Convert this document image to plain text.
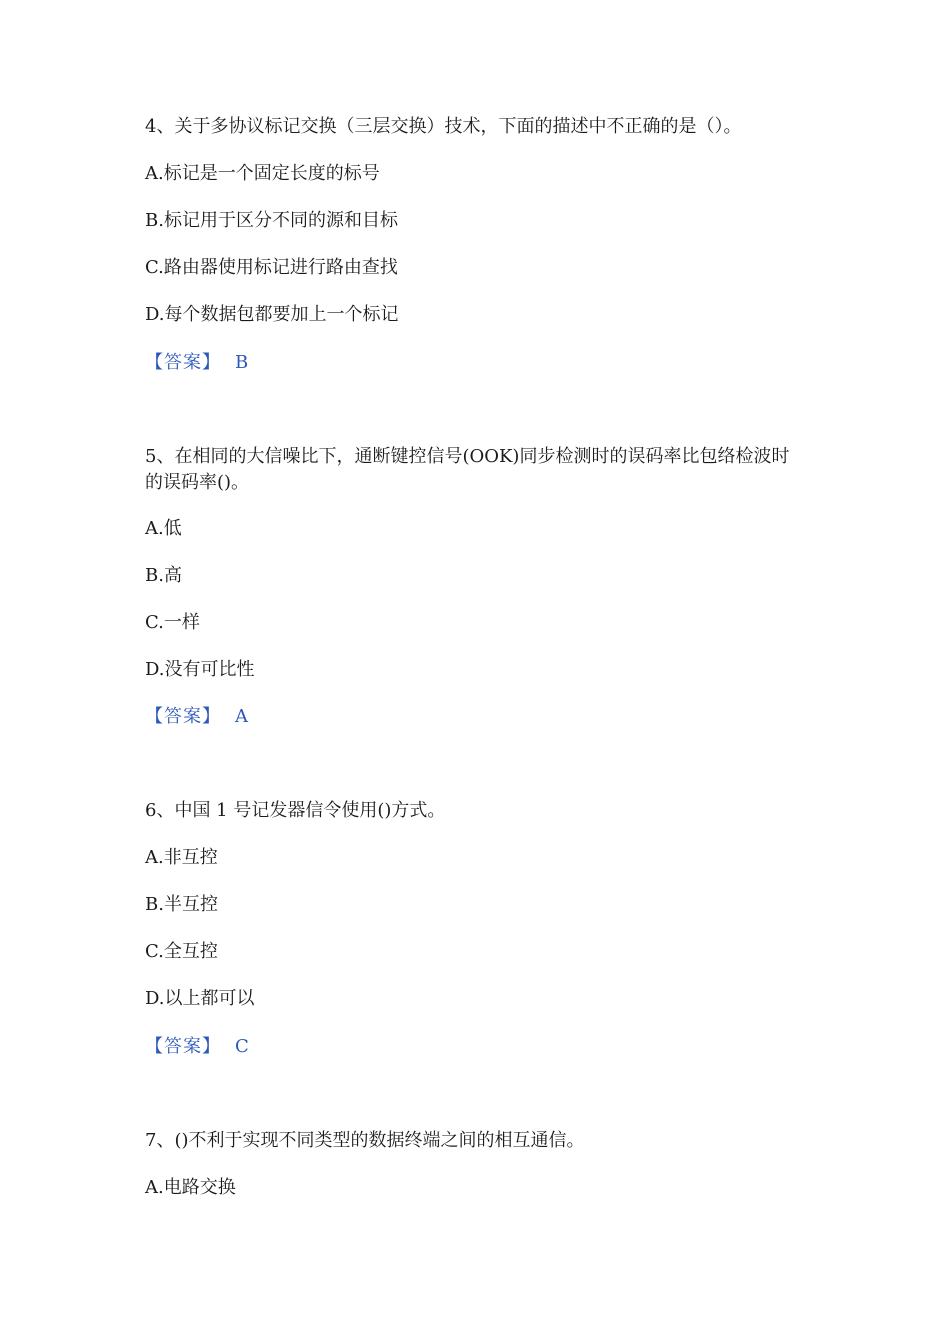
4、关于多协议标记交换（三层交换）技术，下面的描述中不正确的是（）。

A.标记是一个固定长度的标号

B.标记用于区分不同的源和目标

C.路由器使用标记进行路由查找

D.每个数据包都要加上一个标记

【答案】 B

5、在相同的大信噪比下，通断键控信号(OOK)同步检测时的误码率比包络检波时的误码率()。

A.低

B.高

C.一样

D.没有可比性

【答案】 A

6、中国 1 号记发器信令使用()方式。

A.非互控

B.半互控

C.全互控

D.以上都可以

【答案】 C

7、()不利于实现不同类型的数据终端之间的相互通信。

A.电路交换
